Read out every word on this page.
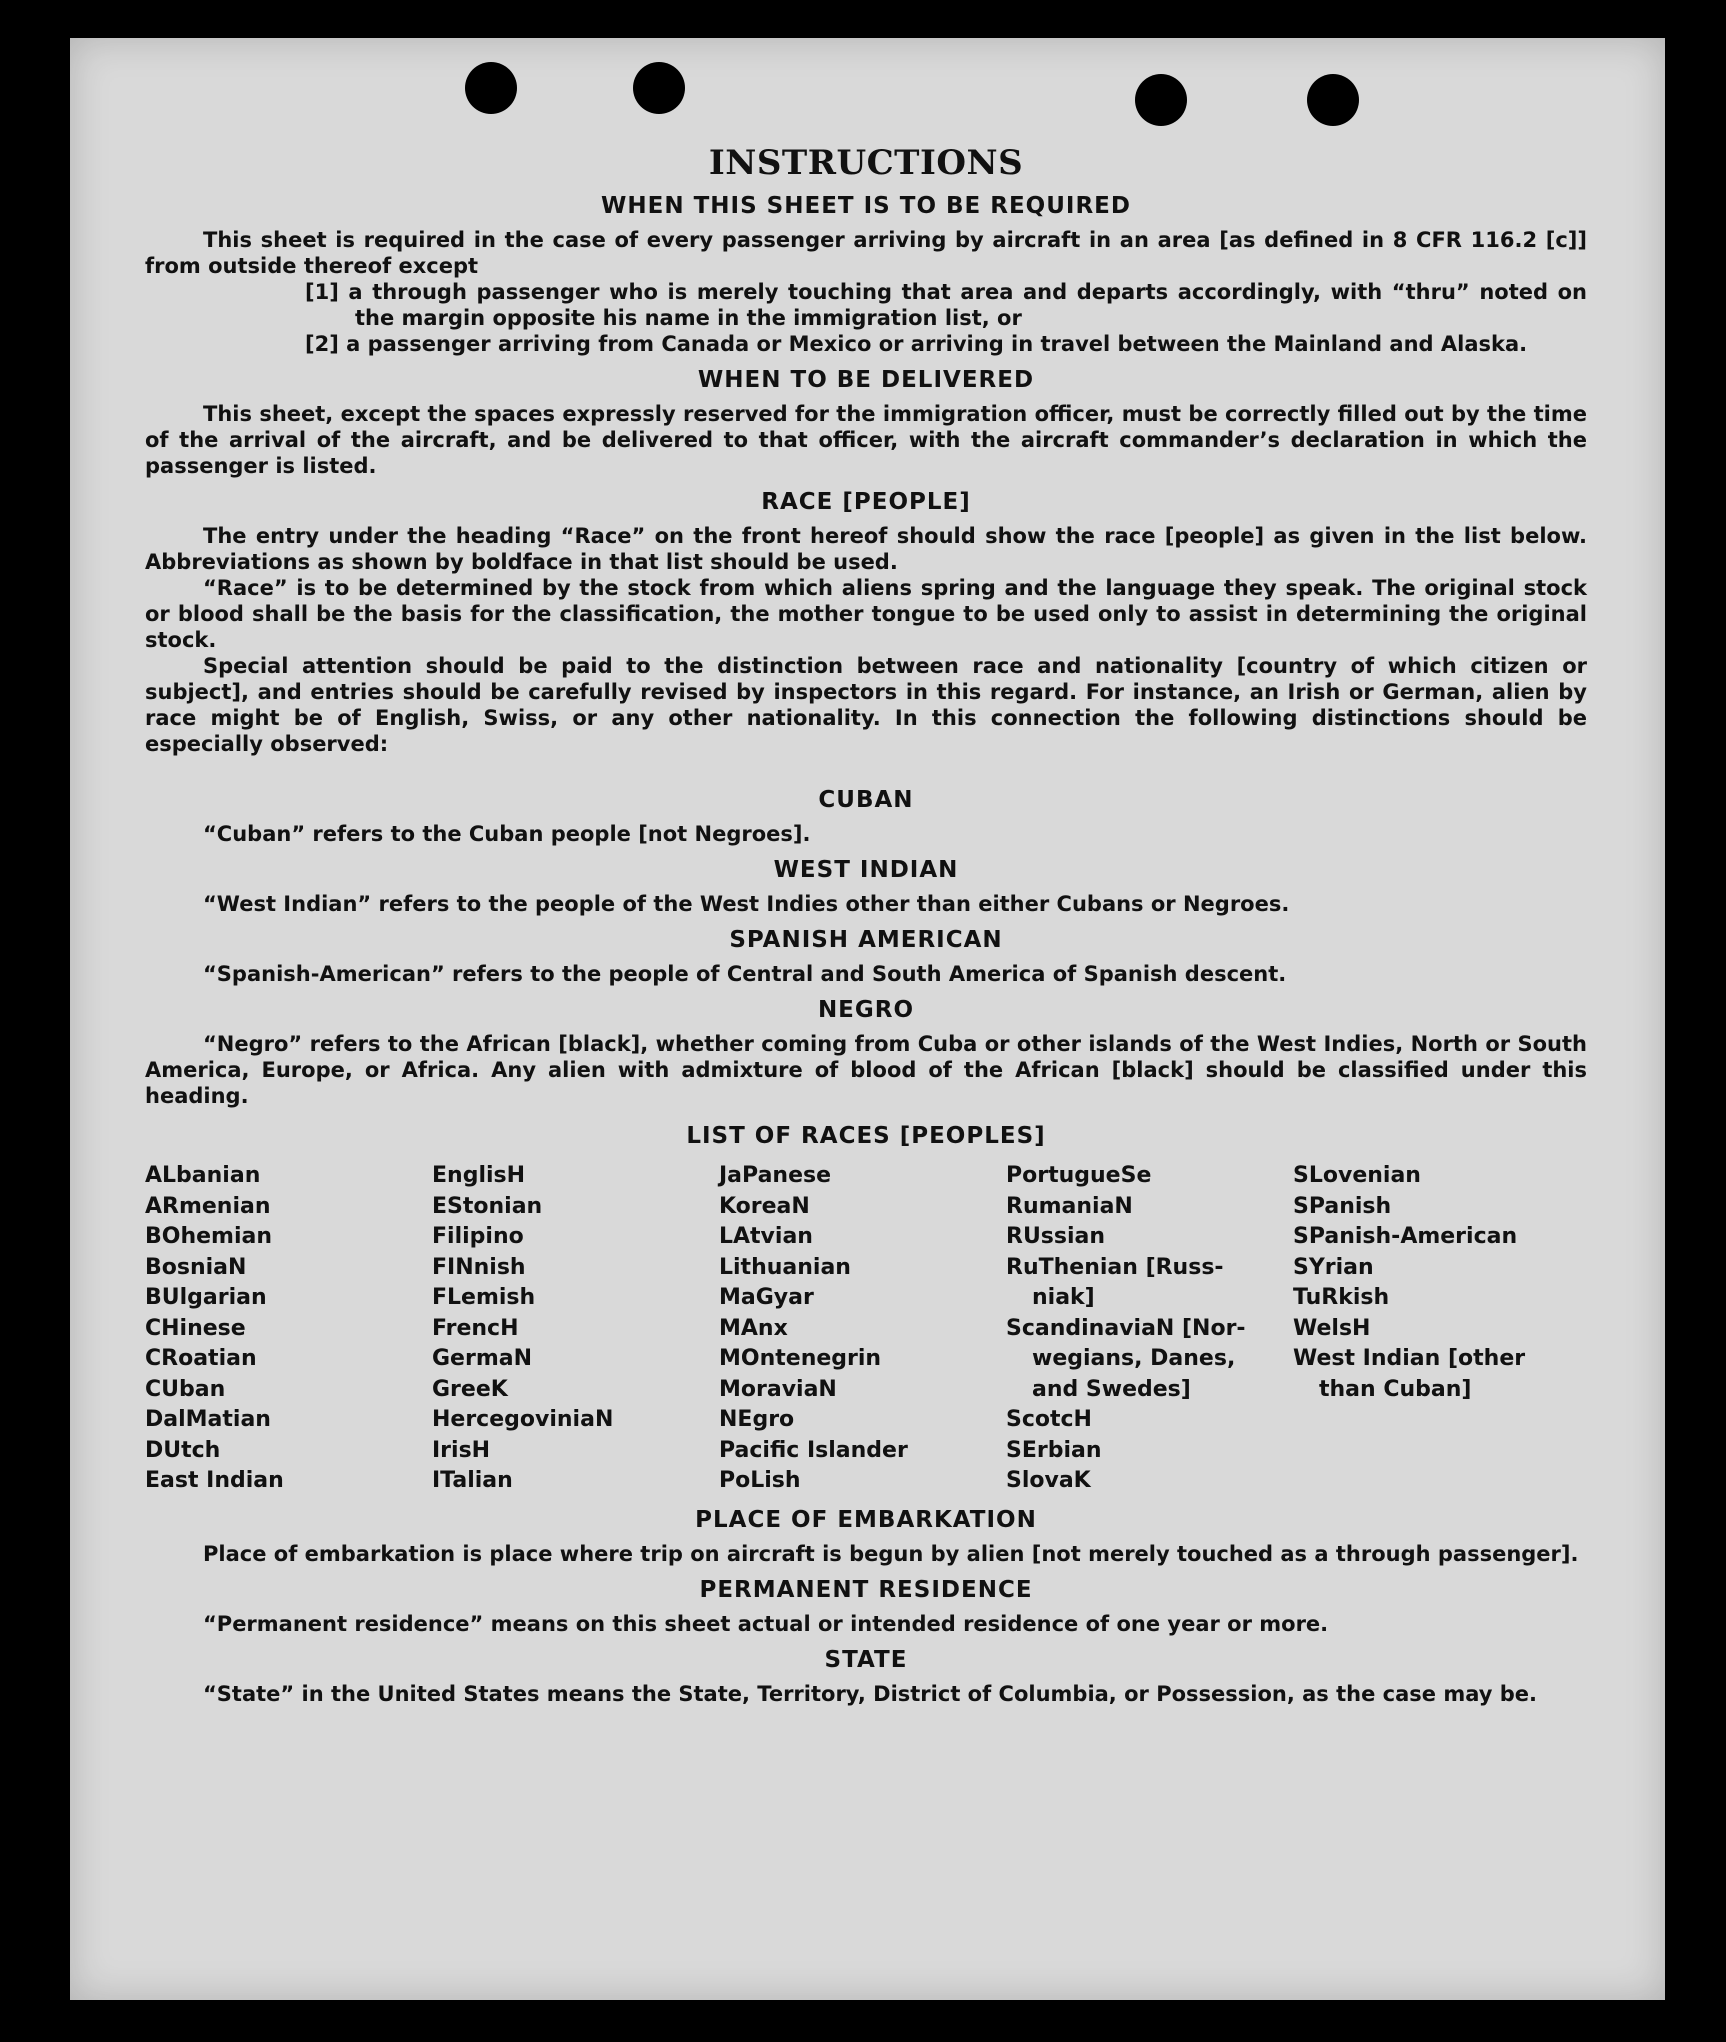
INSTRUCTIONS
WHEN THIS SHEET IS TO BE REQUIRED

This sheet is required in the case of every passenger arriving by aircraft in an area [as defined in 8 CFR 116.2 [c]] from outside thereof except

[1] a through passenger who is merely touching that area and departs accordingly, with “thru” noted on the margin opposite his name in the immigration list, or

[2] a passenger arriving from Canada or Mexico or arriving in travel between the Mainland and Alaska.

WHEN TO BE DELIVERED

This sheet, except the spaces expressly reserved for the immigration officer, must be correctly filled out by the time of the arrival of the aircraft, and be delivered to that officer, with the aircraft commander’s declaration in which the passenger is listed.

RACE [PEOPLE]

The entry under the heading “Race” on the front hereof should show the race [people] as given in the list below. Abbreviations as shown by boldface in that list should be used.

“Race” is to be determined by the stock from which aliens spring and the language they speak. The original stock or blood shall be the basis for the classification, the mother tongue to be used only to assist in determining the original stock.

Special attention should be paid to the distinction between race and nationality [country of which citizen or subject], and entries should be carefully revised by inspectors in this regard. For instance, an Irish or German, alien by race might be of English, Swiss, or any other nationality. In this connection the following distinctions should be especially observed:

CUBAN

“Cuban” refers to the Cuban people [not Negroes].

WEST INDIAN

“West Indian” refers to the people of the West Indies other than either Cubans or Negroes.

SPANISH AMERICAN

“Spanish-American” refers to the people of Central and South America of Spanish descent.

NEGRO

“Negro” refers to the African [black], whether coming from Cuba or other islands of the West Indies, North or South America, Europe, or Africa. Any alien with admixture of blood of the African [black] should be classified under this heading.

LIST OF RACES [PEOPLES]
ALbanian
ARmenian
BOhemian
BosniaN
BUlgarian
CHinese
CRoatian
CUban
DalMatian
DUtch
East Indian
EnglisH
EStonian
Filipino
FINnish
FLemish
FrencH
GermaN
GreeK
HercegoviniaN
IrisH
ITalian
JaPanese
KoreaN
LAtvian
Lithuanian
MaGyar
MAnx
MOntenegrin
MoraviaN
NEgro
Pacific Islander
PoLish
PortugueSe
RumaniaN
RUssian
RuThenian [Russ-
niak]
ScandinaviaN [Nor-
wegians, Danes,
and Swedes]
ScotcH
SErbian
SlovaK
SLovenian
SPanish
SPanish-American
SYrian
TuRkish
WelsH
West Indian [other
than Cuban]
PLACE OF EMBARKATION

Place of embarkation is place where trip on aircraft is begun by alien [not merely touched as a through passenger].

PERMANENT RESIDENCE

“Permanent residence” means on this sheet actual or intended residence of one year or more.

STATE

“State” in the United States means the State, Territory, District of Columbia, or Possession, as the case may be.
